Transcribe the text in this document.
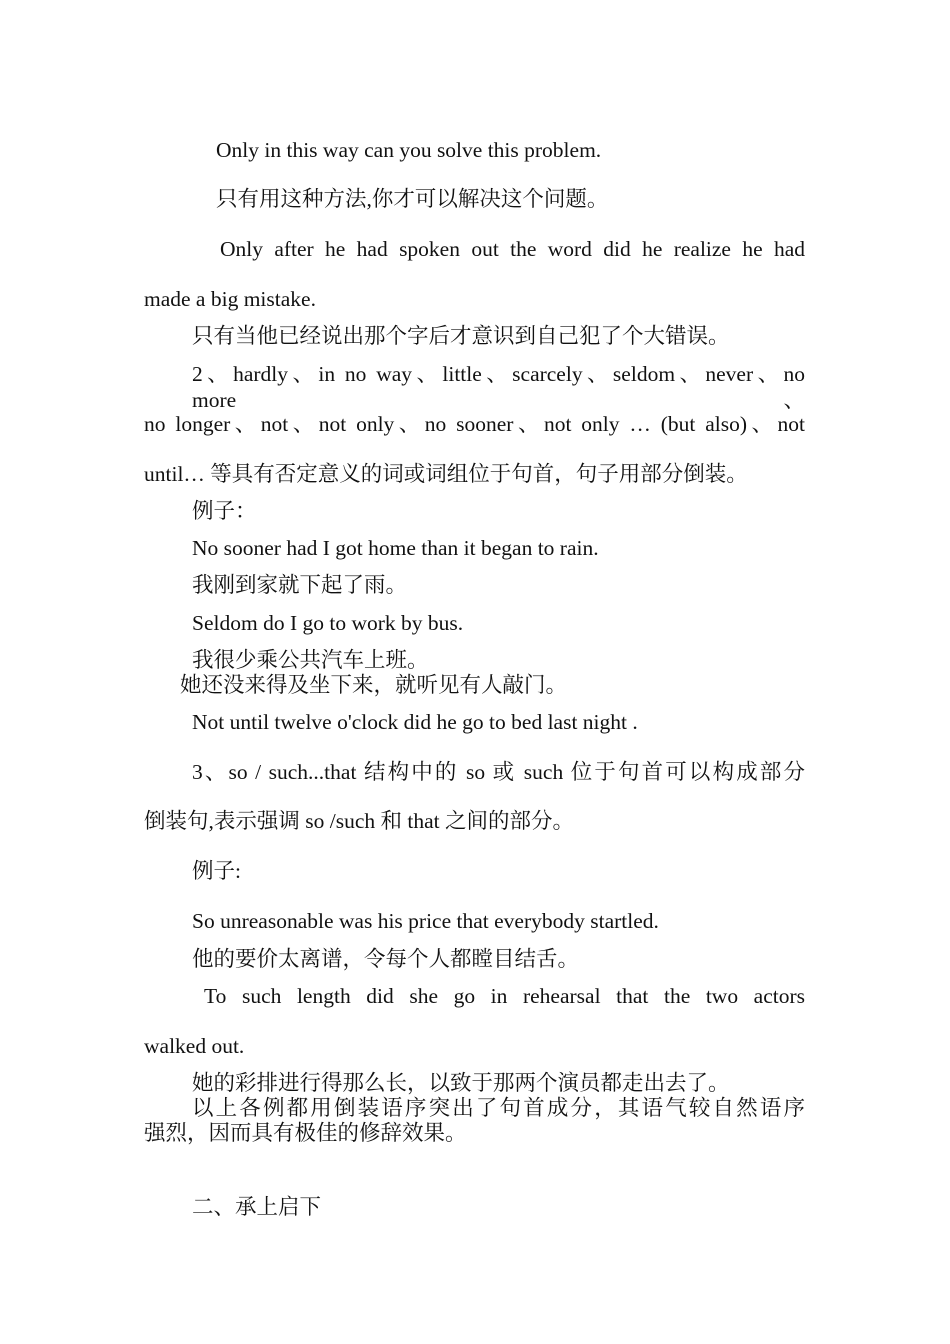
Only in this way can you solve this problem.
只有用这种方法,你才可以解决这个问题。
Only after he had spoken out the word did he realize he had
made a big mistake.
只有当他已经说出那个字后才意识到自己犯了个大错误。
2、hardly、in no way、little、scarcely、seldom、never、no more、
no longer、not、not only、no sooner、not only … (but also)、not
until… 等具有否定意义的词或词组位于句首，句子用部分倒装。
例子：
No sooner had I got home than it began to rain.
我刚到家就下起了雨。
Seldom do I go to work by bus.
我很少乘公共汽车上班。
她还没来得及坐下来，就听见有人敲门。
Not until twelve o'clock did he go to bed last night .
3、so / such...that 结构中的 so 或 such 位于句首可以构成部分
倒装句,表示强调 so /such 和 that 之间的部分。
例子:
So unreasonable was his price that everybody startled.
他的要价太离谱，令每个人都瞠目结舌。
To such length did she go in rehearsal that the two actors
walked out.
她的彩排进行得那么长，以致于那两个演员都走出去了。
以上各例都用倒装语序突出了句首成分，其语气较自然语序
强烈，因而具有极佳的修辞效果。
二、承上启下
